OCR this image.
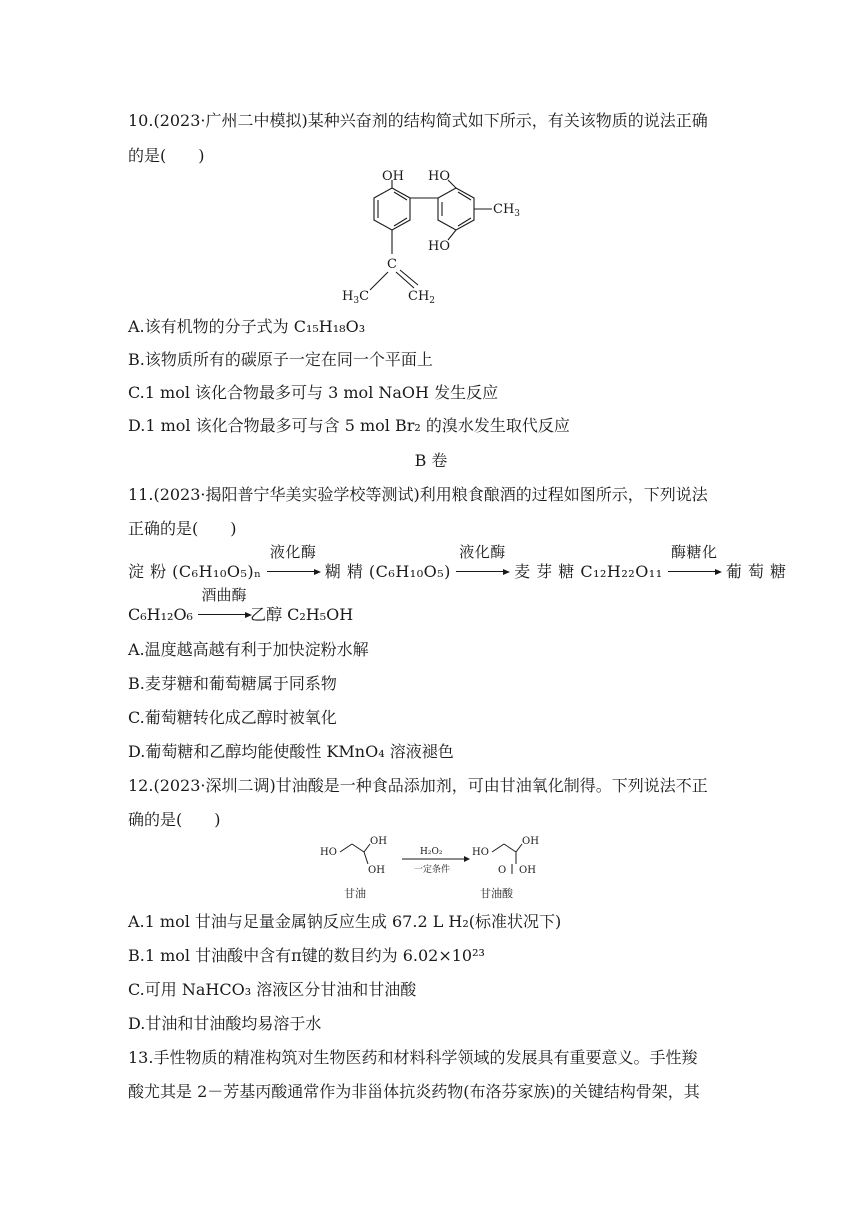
10.(2023·广州二中模拟)某种兴奋剂的结构简式如下所示，有关该物质的说法正确
的是(　　)
OH HO
$CH_3$
HO
C
$H_3C$	$CH_2$
A.该有机物的分子式为 C₁₅H₁₈O₃
B.该物质所有的碳原子一定在同一个平面上
C.1 mol 该化合物最多可与 3 mol NaOH 发生反应
D.1 mol 该化合物最多可与含 5 mol Br₂ 的溴水发生取代反应
B 卷
11.(2023·揭阳普宁华美实验学校等测试)利用粮食酿酒的过程如图所示，下列说法
正确的是(　　)
淀 粉 (C₆H₁₀O₅)ₙ
液化酶
糊 精 (C₆H₁₀O₅)
液化酶
麦 芽 糖 C₁₂H₂₂O₁₁
酶糖化
葡 萄 糖
C₆H₁₂O₆
酒曲酶
乙醇 C₂H₅OH
A.温度越高越有利于加快淀粉水解
B.麦芽糖和葡萄糖属于同系物
C.葡萄糖转化成乙醇时被氧化
D.葡萄糖和乙醇均能使酸性 KMnO₄ 溶液褪色
12.(2023·深圳二调)甘油酸是一种食品添加剂，可由甘油氧化制得。下列说法不正
确的是(　　)
HO
OH
OH
甘油
H₂O₂
一定条件
HO
OH
OH
O
甘油酸
A.1 mol 甘油与足量金属钠反应生成 67.2 L H₂(标准状况下)
B.1 mol 甘油酸中含有π键的数目约为 6.02×10²³
C.可用 NaHCO₃ 溶液区分甘油和甘油酸
D.甘油和甘油酸均易溶于水
13.手性物质的精准构筑对生物医药和材料科学领域的发展具有重要意义。手性羧
酸尤其是 2－芳基丙酸通常作为非甾体抗炎药物(布洛芬家族)的关键结构骨架，其
